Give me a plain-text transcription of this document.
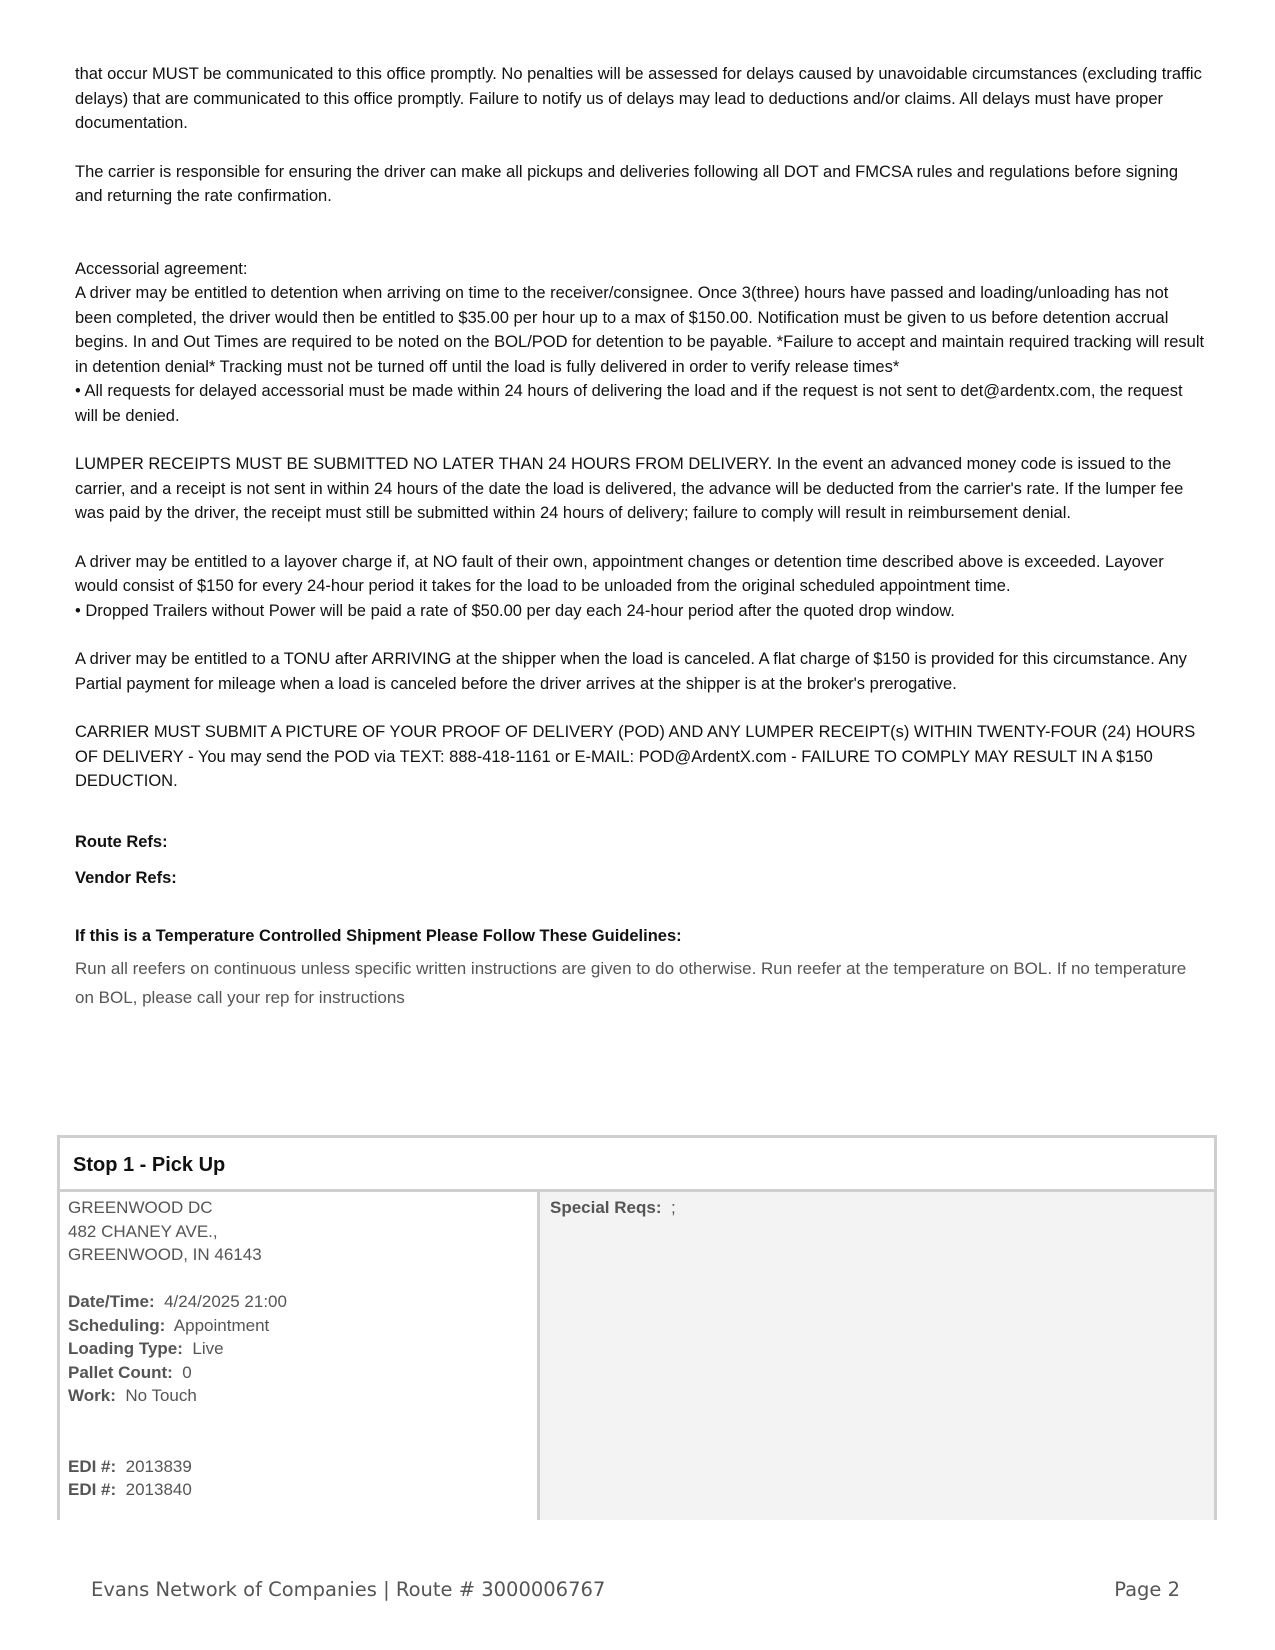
that occur MUST be communicated to this office promptly. No penalties will be assessed for delays caused by unavoidable circumstances (excluding traffic delays) that are communicated to this office promptly. Failure to notify us of delays may lead to deductions and/or claims. All delays must have proper documentation.

The carrier is responsible for ensuring the driver can make all pickups and deliveries following all DOT and FMCSA rules and regulations before signing and returning the rate confirmation.

Accessorial agreement:

A driver may be entitled to detention when arriving on time to the receiver/consignee. Once 3(three) hours have passed and loading/unloading has not been completed, the driver would then be entitled to $35.00 per hour up to a max of $150.00. Notification must be given to us before detention accrual begins. In and Out Times are required to be noted on the BOL/POD for detention to be payable. *Failure to accept and maintain required tracking will result in detention denial* Tracking must not be turned off until the load is fully delivered in order to verify release times*

• All requests for delayed accessorial must be made within 24 hours of delivering the load and if the request is not sent to det@ardentx.com, the request will be denied.

LUMPER RECEIPTS MUST BE SUBMITTED NO LATER THAN 24 HOURS FROM DELIVERY. In the event an advanced money code is issued to the carrier, and a receipt is not sent in within 24 hours of the date the load is delivered, the advance will be deducted from the carrier's rate. If the lumper fee was paid by the driver, the receipt must still be submitted within 24 hours of delivery; failure to comply will result in reimbursement denial.

A driver may be entitled to a layover charge if, at NO fault of their own, appointment changes or detention time described above is exceeded. Layover would consist of $150 for every 24-hour period it takes for the load to be unloaded from the original scheduled appointment time.

• Dropped Trailers without Power will be paid a rate of $50.00 per day each 24-hour period after the quoted drop window.

A driver may be entitled to a TONU after ARRIVING at the shipper when the load is canceled. A flat charge of $150 is provided for this circumstance. Any Partial payment for mileage when a load is canceled before the driver arrives at the shipper is at the broker's prerogative.

CARRIER MUST SUBMIT A PICTURE OF YOUR PROOF OF DELIVERY (POD) AND ANY LUMPER RECEIPT(s) WITHIN TWENTY-FOUR (24) HOURS OF DELIVERY - You may send the POD via TEXT: 888-418-1161 or E-MAIL: POD@ArdentX.com - FAILURE TO COMPLY MAY RESULT IN A $150 DEDUCTION.

Route Refs:
Vendor Refs:
If this is a Temperature Controlled Shipment Please Follow These Guidelines:
Run all reefers on continuous unless specific written instructions are given to do otherwise. Run reefer at the temperature on BOL. If no temperature on BOL, please call your rep for instructions
Stop 1 - Pick Up
GREENWOOD DC
482 CHANEY AVE.,
GREENWOOD, IN 46143
Date/Time: 4/24/2025 21:00
Scheduling: Appointment
Loading Type: Live
Pallet Count: 0
Work: No Touch
EDI #: 2013839
EDI #: 2013840
Special Reqs: ;
Evans Network of Companies | Route # 3000006767	Page 2
